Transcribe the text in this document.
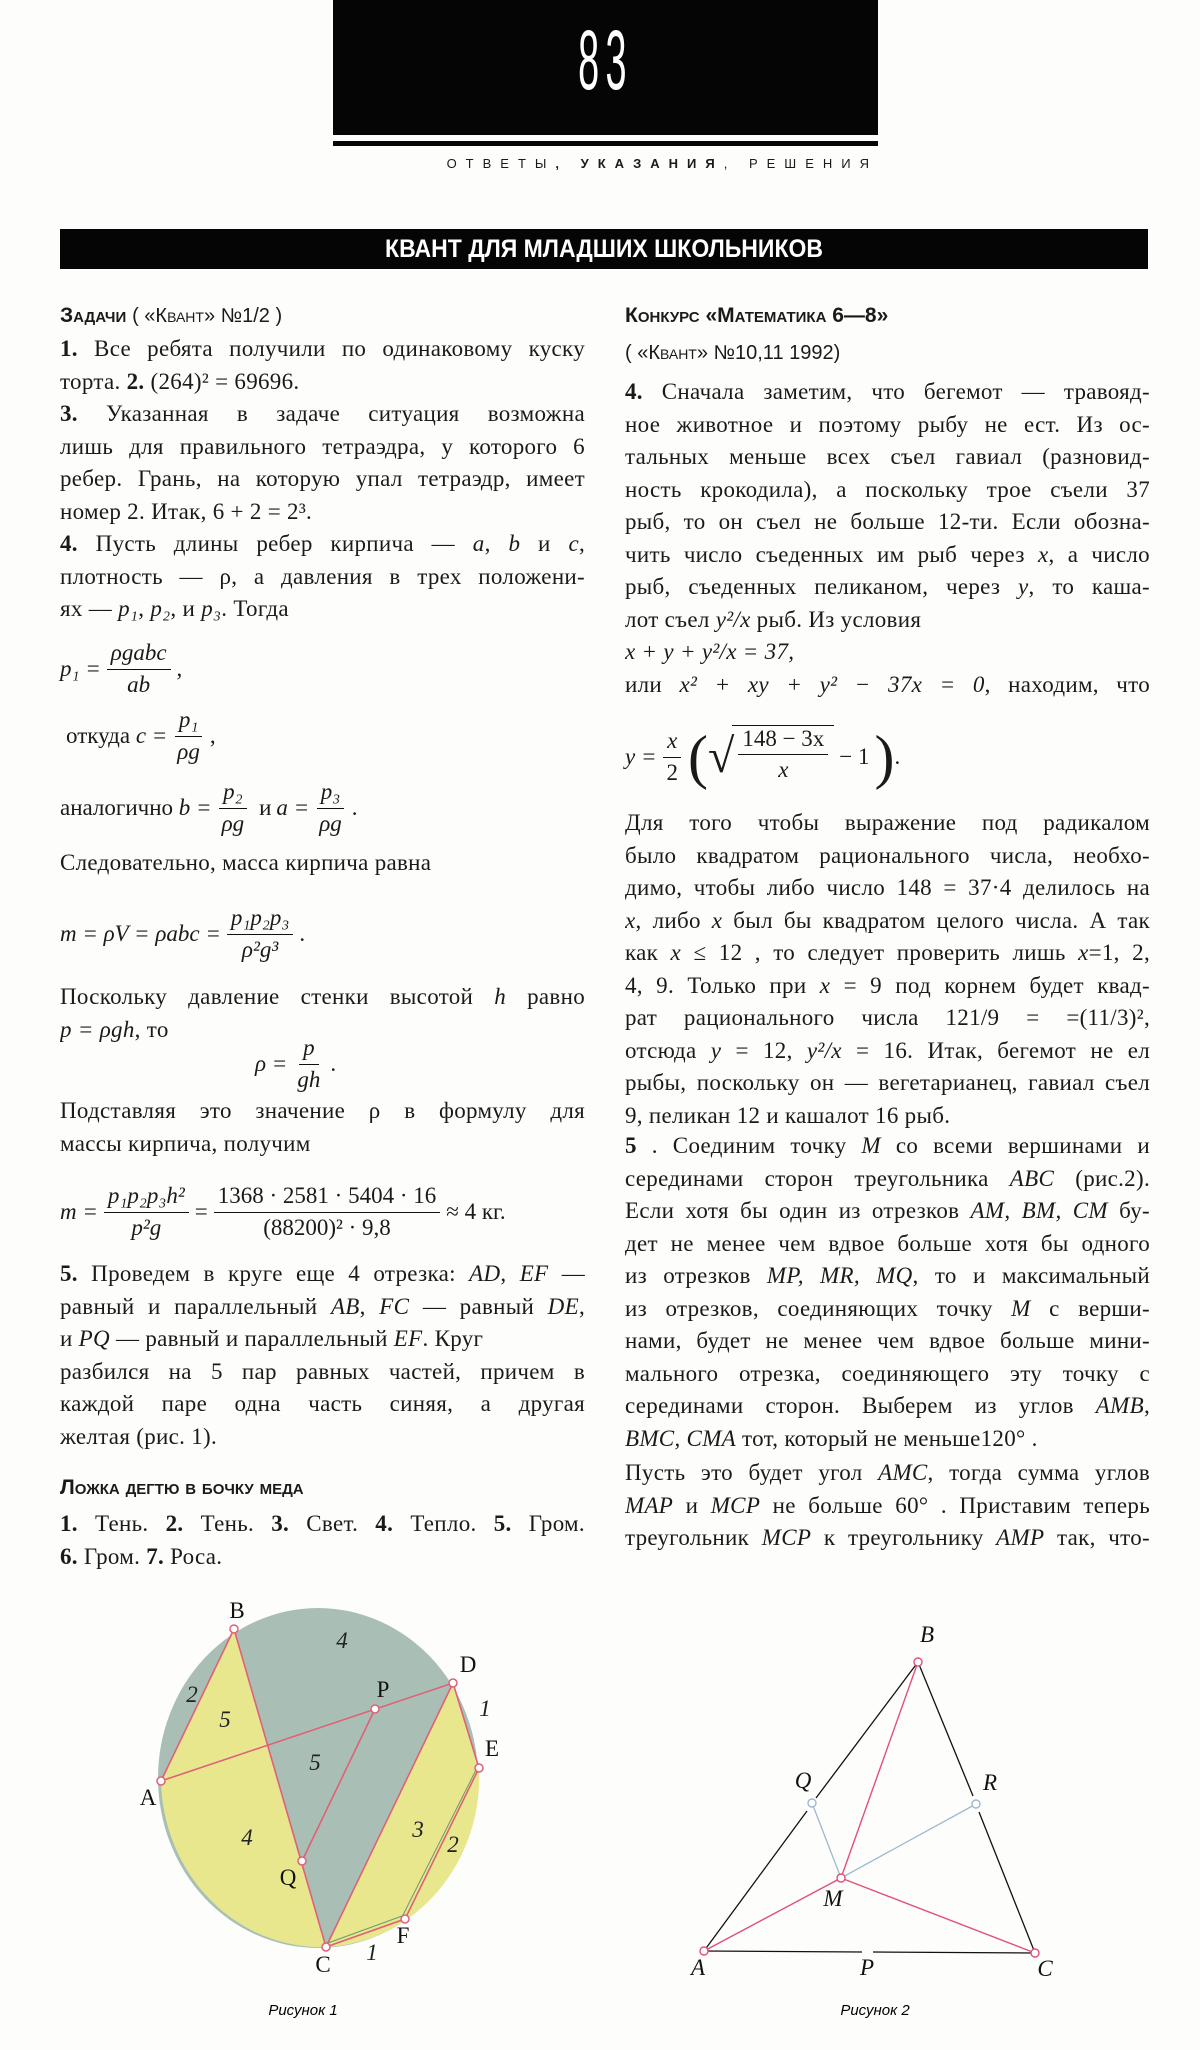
83
ОТВЕТЫ, УКАЗАНИЯ, РЕШЕНИЯ
КВАНТ ДЛЯ МЛАДШИХ ШКОЛЬНИКОВ
Задачи ( «Квант» №1/2 )
1. Все ребята получили по одинаковому куску
торта. 2. (264)² = 69696.
3. Указанная в задаче ситуация возможна
лишь для правильного тетраэдра, у которого 6
ребер. Грань, на которую упал тетраэдр, имеет
номер 2. Итак, 6 + 2 = 2³.
4. Пусть длины ребер кирпича — a, b и c,
плотность — ρ, а давления в трех положени-
ях — p₁, p₂, и p₃. Тогда
$p_1 = \frac{\text{ρgabc}}{ab}$ ,
откуда
$c = \frac{\text{p₁}}{\rho g}$ ,
аналогично
$b = \frac{\text{p₂}}{\rho g}$ и $a = \frac{\text{p₃}}{\rho g}$ .
Следовательно, масса кирпича равна
$m = \rho V = \rho abc = \frac{\text{p₁p₂p₃}}{\text{ρ²g³}}$ .
Поскольку давление стенки высотой h равно
p = ρgh, то
$\rho = \frac{p}{gh}$ .
Подставляя это значение ρ в формулу для
массы кирпича, получим
$m = \frac{\text{p₁p₂p₃h²}}{\text{p²g}} = \frac{1368 \cdot 2581 \cdot 5404 \cdot 16}{\text{(88200)² · 9,8}} \approx 4$ кг.
5. Проведем в круге еще 4 отрезка: AD, EF —
равный и параллельный AB, FC — равный DE,
и PQ — равный и параллельный EF. Круг
разбился на 5 пар равных частей, причем в
каждой паре одна часть синяя, а другая
желтая (рис. 1).
Ложка дегтю в бочку меда
1. Тень. 2. Тень. 3. Свет. 4. Тепло. 5. Гром.
6. Гром. 7. Роса.
Конкурс «Математика 6—8»
( «Квант» №10,11 1992)
4. Сначала заметим, что бегемот — травояд-
ное животное и поэтому рыбу не ест. Из ос-
тальных меньше всех съел гавиал (разновид-
ность крокодила), а поскольку трое съели 37
рыб, то он съел не больше 12-ти. Если обозна-
чить число съеденных им рыб через x, а число
рыб, съеденных пеликаном, через y, то каша-
лот съел y²/x рыб. Из условия
x + y + y²/x = 37,
или x² + xy + y² − 37x = 0, находим, что
$y = \frac{x}{2}$ ( √ $\frac{148 - 3x}{x} - 1$ ) .
Для того чтобы выражение под радикалом
было квадратом рационального числа, необхо-
димо, чтобы либо число 148 = 37·4 делилось на
x, либо x был бы квадратом целого числа. А так
как x ≤ 12 , то следует проверить лишь x=1, 2,
4, 9. Только при x = 9 под корнем будет квад-
рат рационального числа 121/9 = =(11/3)²,
отсюда y = 12, y²/x = 16. Итак, бегемот не ел
рыбы, поскольку он — вегетарианец, гавиал съел
9, пеликан 12 и кашалот 16 рыб.
5 . Соединим точку M со всеми вершинами и
серединами сторон треугольника ABC (рис.2).
Если хотя бы один из отрезков AM, BM, CM бу-
дет не менее чем вдвое больше хотя бы одного
из отрезков MP, MR, MQ, то и максимальный
из отрезков, соединяющих точку M с верши-
нами, будет не менее чем вдвое больше мини-
мального отрезка, соединяющего эту точку с
серединами сторон. Выберем из углов AMB,
BMC, CMA тот, который не меньше120° .
Пусть это будет угол AMC, тогда сумма углов
MAP и MCP не больше 60° . Приставим теперь
треугольник MCP к треугольнику AMP так, что-
B
D
P
E
A
Q
F
C
4
2
5
5
4	3
2
1
1
Рисунок 1
B
Q	R
M
A	P	C
Рисунок 2
